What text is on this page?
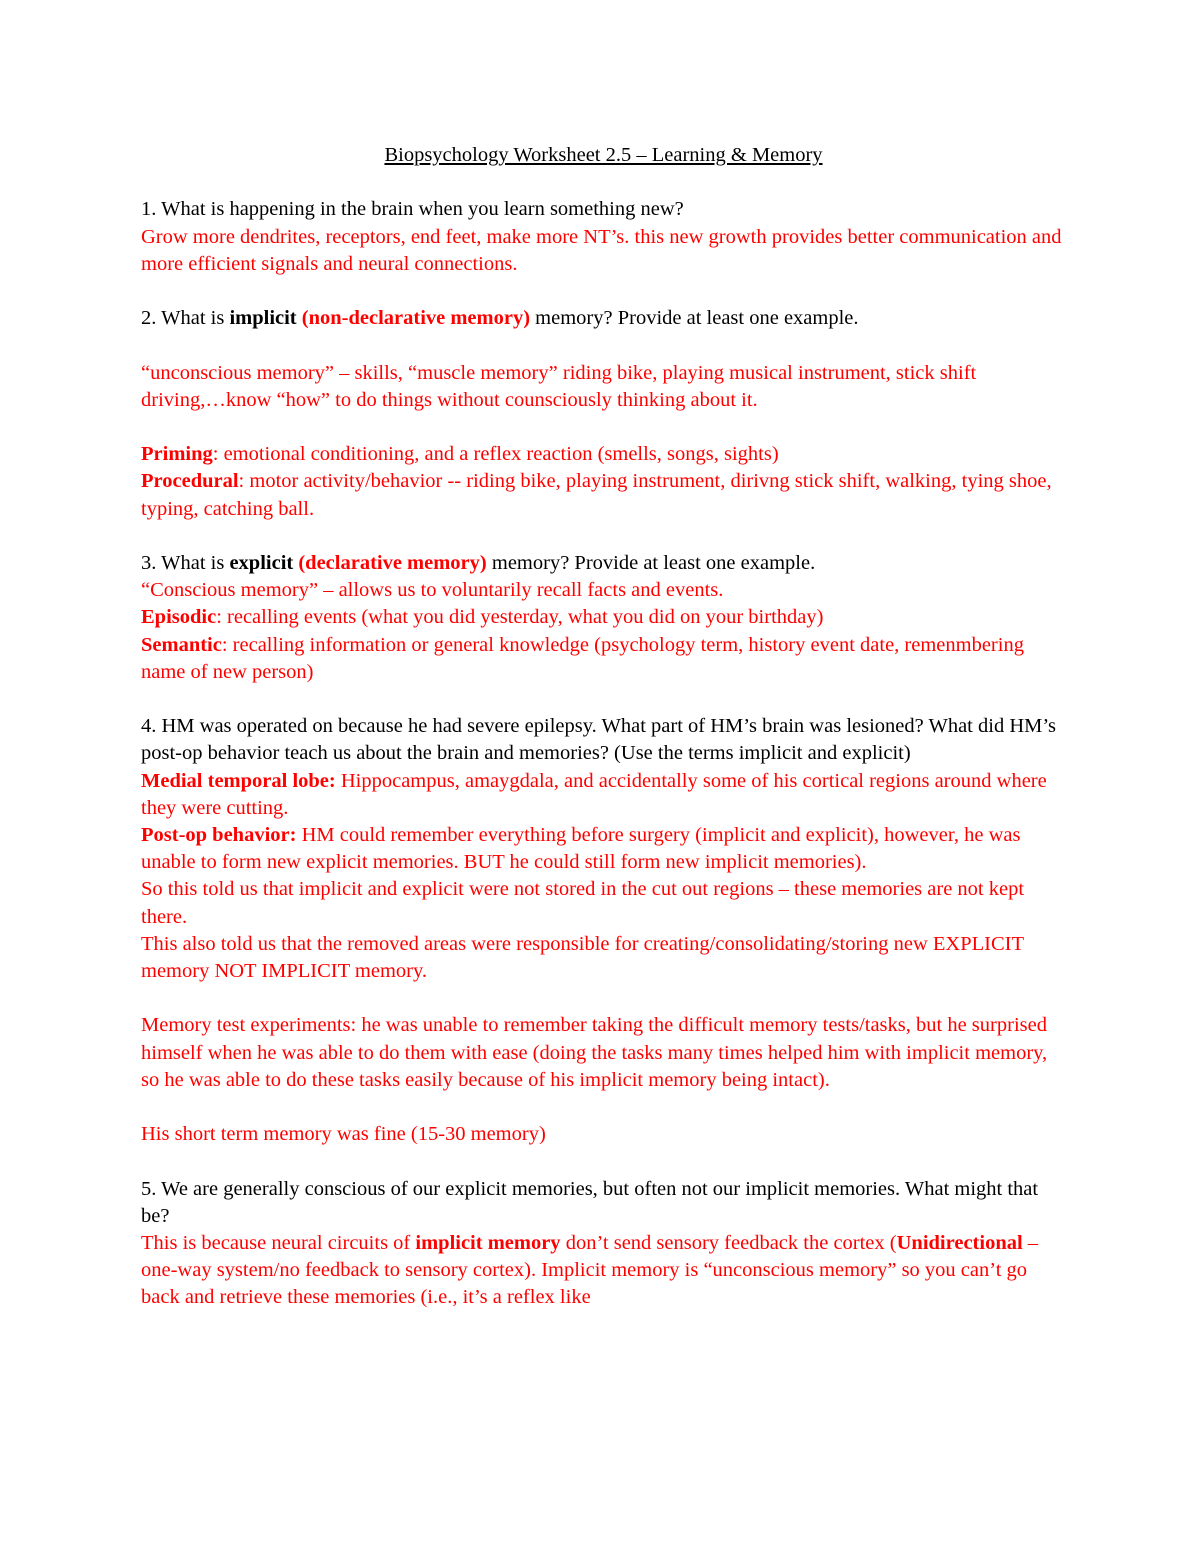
Biopsychology Worksheet 2.5 – Learning & Memory

1. What is happening in the brain when you learn something new?

Grow more dendrites, receptors, end feet, make more NT’s. this new growth provides better communication and more efficient signals and neural connections.

2. What is implicit (non-declarative memory) memory? Provide at least one example.

“unconscious memory” – skills, “muscle memory” riding bike, playing musical instrument, stick shift driving,…know “how” to do things without counsciously thinking about it.

Priming: emotional conditioning, and a reflex reaction (smells, songs, sights)

Procedural: motor activity/behavior -- riding bike, playing instrument, dirivng stick shift, walking, tying shoe, typing, catching ball.

3. What is explicit (declarative memory) memory? Provide at least one example.

“Conscious memory” – allows us to voluntarily recall facts and events.

Episodic: recalling events (what you did yesterday, what you did on your birthday)

Semantic: recalling information or general knowledge (psychology term, history event date, remenmbering name of new person)

4. HM was operated on because he had severe epilepsy. What part of HM’s brain was lesioned? What did HM’s post-op behavior teach us about the brain and memories? (Use the terms implicit and explicit)

Medial temporal lobe: Hippocampus, amaygdala, and accidentally some of his cortical regions around where they were cutting.

Post-op behavior: HM could remember everything before surgery (implicit and explicit), however, he was unable to form new explicit memories. BUT he could still form new implicit memories).

So this told us that implicit and explicit were not stored in the cut out regions – these memories are not kept there.

This also told us that the removed areas were responsible for creating/consolidating/storing new EXPLICIT memory NOT IMPLICIT memory.

Memory test experiments: he was unable to remember taking the difficult memory tests/tasks, but he surprised himself when he was able to do them with ease (doing the tasks many times helped him with implicit memory, so he was able to do these tasks easily because of his implicit memory being intact).

His short term memory was fine (15-30 memory)

5. We are generally conscious of our explicit memories, but often not our implicit memories. What might that be?

This is because neural circuits of implicit memory don’t send sensory feedback the cortex (Unidirectional – one-way system/no feedback to sensory cortex). Implicit memory is “unconscious memory” so you can’t go back and retrieve these memories (i.e., it’s a reflex like
